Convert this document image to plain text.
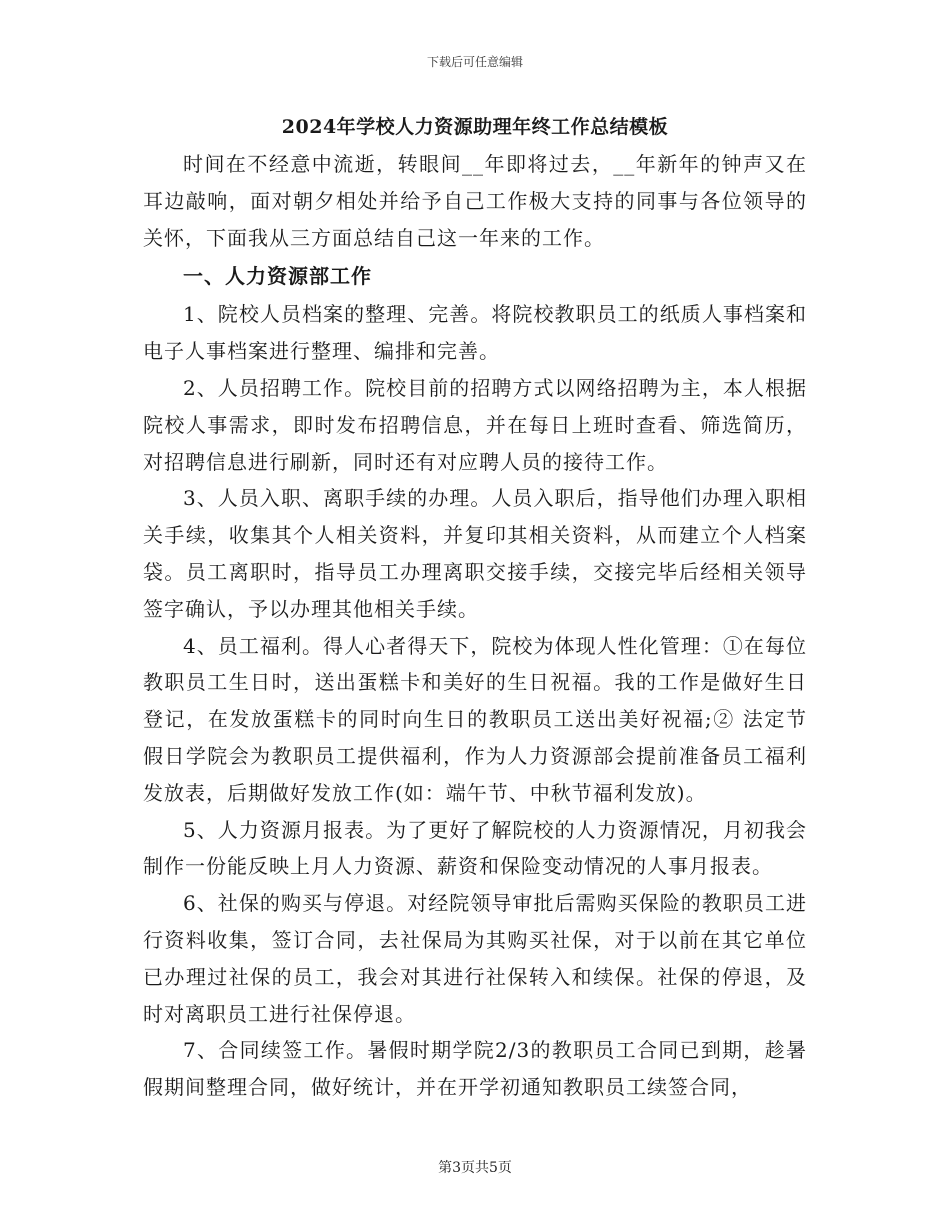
下载后可任意编辑
2024年学校人力资源助理年终工作总结模板

时间在不经意中流逝，转眼间__年即将过去，__年新年的钟声又在耳边敲响，面对朝夕相处并给予自己工作极大支持的同事与各位领导的关怀，下面我从三方面总结自己这一年来的工作。

一、人力资源部工作

1、院校人员档案的整理、完善。将院校教职员工的纸质人事档案和电子人事档案进行整理、编排和完善。

2、人员招聘工作。院校目前的招聘方式以网络招聘为主，本人根据院校人事需求，即时发布招聘信息，并在每日上班时查看、筛选简历，对招聘信息进行刷新，同时还有对应聘人员的接待工作。

3、人员入职、离职手续的办理。人员入职后，指导他们办理入职相关手续，收集其个人相关资料，并复印其相关资料，从而建立个人档案袋。员工离职时，指导员工办理离职交接手续，交接完毕后经相关领导签字确认，予以办理其他相关手续。

4、员工福利。得人心者得天下，院校为体现人性化管理：①在每位教职员工生日时，送出蛋糕卡和美好的生日祝福。我的工作是做好生日登记，在发放蛋糕卡的同时向生日的教职员工送出美好祝福;② 法定节假日学院会为教职员工提供福利，作为人力资源部会提前准备员工福利发放表，后期做好发放工作(如：端午节、中秋节福利发放)。

5、人力资源月报表。为了更好了解院校的人力资源情况，月初我会制作一份能反映上月人力资源、薪资和保险变动情况的人事月报表。

6、社保的购买与停退。对经院领导审批后需购买保险的教职员工进行资料收集，签订合同，去社保局为其购买社保，对于以前在其它单位已办理过社保的员工，我会对其进行社保转入和续保。社保的停退，及时对离职员工进行社保停退。

7、合同续签工作。暑假时期学院2/3的教职员工合同已到期，趁暑假期间整理合同，做好统计，并在开学初通知教职员工续签合同，

第3页共5页
